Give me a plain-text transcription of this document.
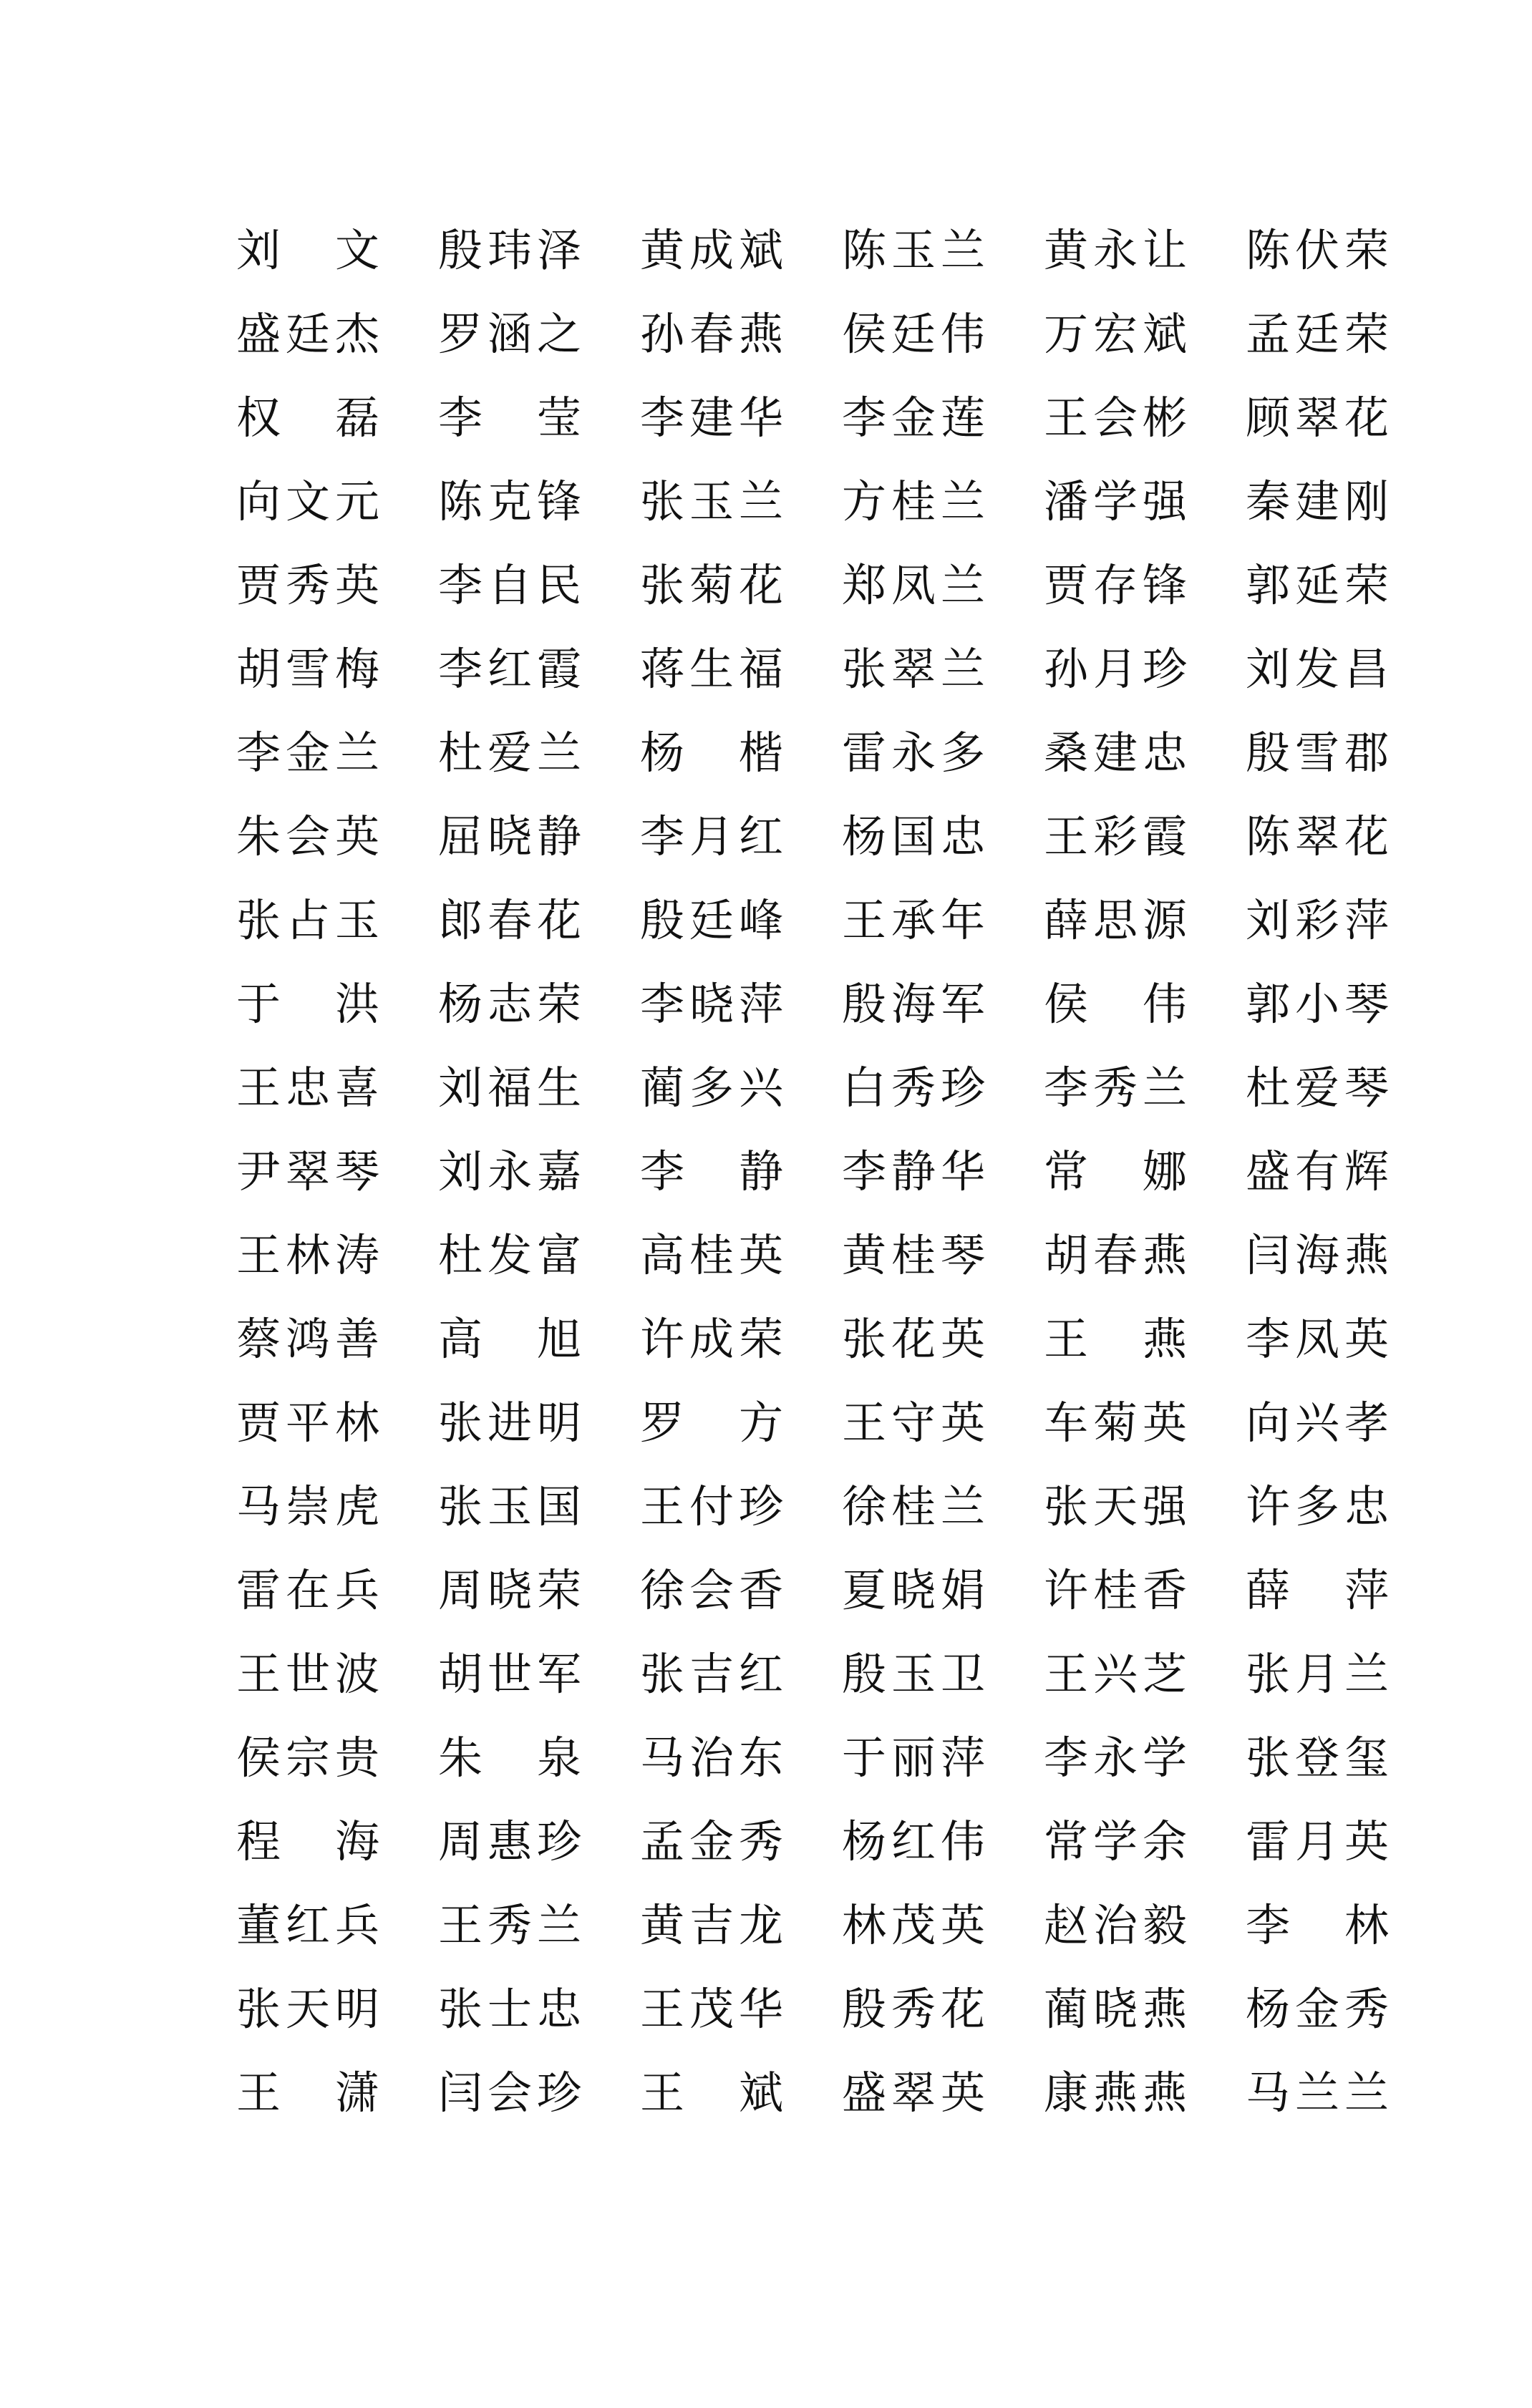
刘 文 殷 玮 泽 黄 成 斌 陈 玉 兰 黄 永 让 陈 伏 荣
盛 廷 杰 罗 涵 之 孙 春 燕 侯 廷 伟 万 宏 斌 孟 廷 荣
权 磊 李 莹 李 建 华 李 金 莲 王 会 彬 顾 翠 花
向 文 元 陈 克 锋 张 玉 兰 方 桂 兰 潘 学 强 秦 建 刚
贾 秀 英 李 自 民 张 菊 花 郑 凤 兰 贾 存 锋 郭 延 荣
胡 雪 梅 李 红 霞 蒋 生 福 张 翠 兰 孙 月 珍 刘 发 昌
李 金 兰 杜 爱 兰 杨 楷 雷 永 多 桑 建 忠 殷 雪 郡
朱 会 英 屈 晓 静 李 月 红 杨 国 忠 王 彩 霞 陈 翠 花
张 占 玉 郎 春 花 殷 廷 峰 王 承 年 薛 思 源 刘 彩 萍
于 洪 杨 志 荣 李 晓 萍 殷 海 军 侯 伟 郭 小 琴
王 忠 喜 刘 福 生 蔺 多 兴 白 秀 珍 李 秀 兰 杜 爱 琴
尹 翠 琴 刘 永 嘉 李 静 李 静 华 常 娜 盛 有 辉
王 林 涛 杜 发 富 高 桂 英 黄 桂 琴 胡 春 燕 闫 海 燕
蔡 鸿 善 高 旭 许 成 荣 张 花 英 王 燕 李 凤 英
贾 平 林 张 进 明 罗 方 王 守 英 车 菊 英 向 兴 孝
马 崇 虎 张 玉 国 王 付 珍 徐 桂 兰 张 天 强 许 多 忠
雷 在 兵 周 晓 荣 徐 会 香 夏 晓 娟 许 桂 香 薛 萍
王 世 波 胡 世 军 张 吉 红 殷 玉 卫 王 兴 芝 张 月 兰
侯 宗 贵 朱 泉 马 治 东 于 丽 萍 李 永 学 张 登 玺
程 海 周 惠 珍 孟 金 秀 杨 红 伟 常 学 余 雷 月 英
董 红 兵 王 秀 兰 黄 吉 龙 林 茂 英 赵 治 毅 李 林
张 天 明 张 士 忠 王 茂 华 殷 秀 花 蔺 晓 燕 杨 金 秀
王 潇 闫 会 珍 王 斌 盛 翠 英 康 燕 燕 马 兰 兰
